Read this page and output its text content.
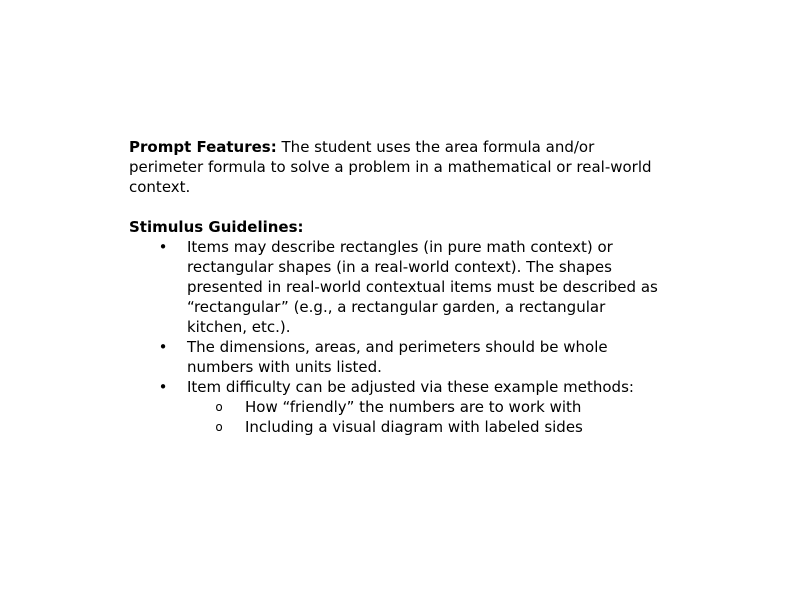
Prompt Features: The student uses the area formula and/or perimeter formula to solve a problem in a mathematical or real-world context.

Stimulus Guidelines:

• Items may describe rectangles (in pure math context) or rectangular shapes (in a real-world context). The shapes presented in real-world contextual items must be described as “rectangular” (e.g., a rectangular garden, a rectangular kitchen, etc.).
• The dimensions, areas, and perimeters should be whole numbers with units listed.
• Item difficulty can be adjusted via these example methods:
o How “friendly” the numbers are to work with
o Including a visual diagram with labeled sides
